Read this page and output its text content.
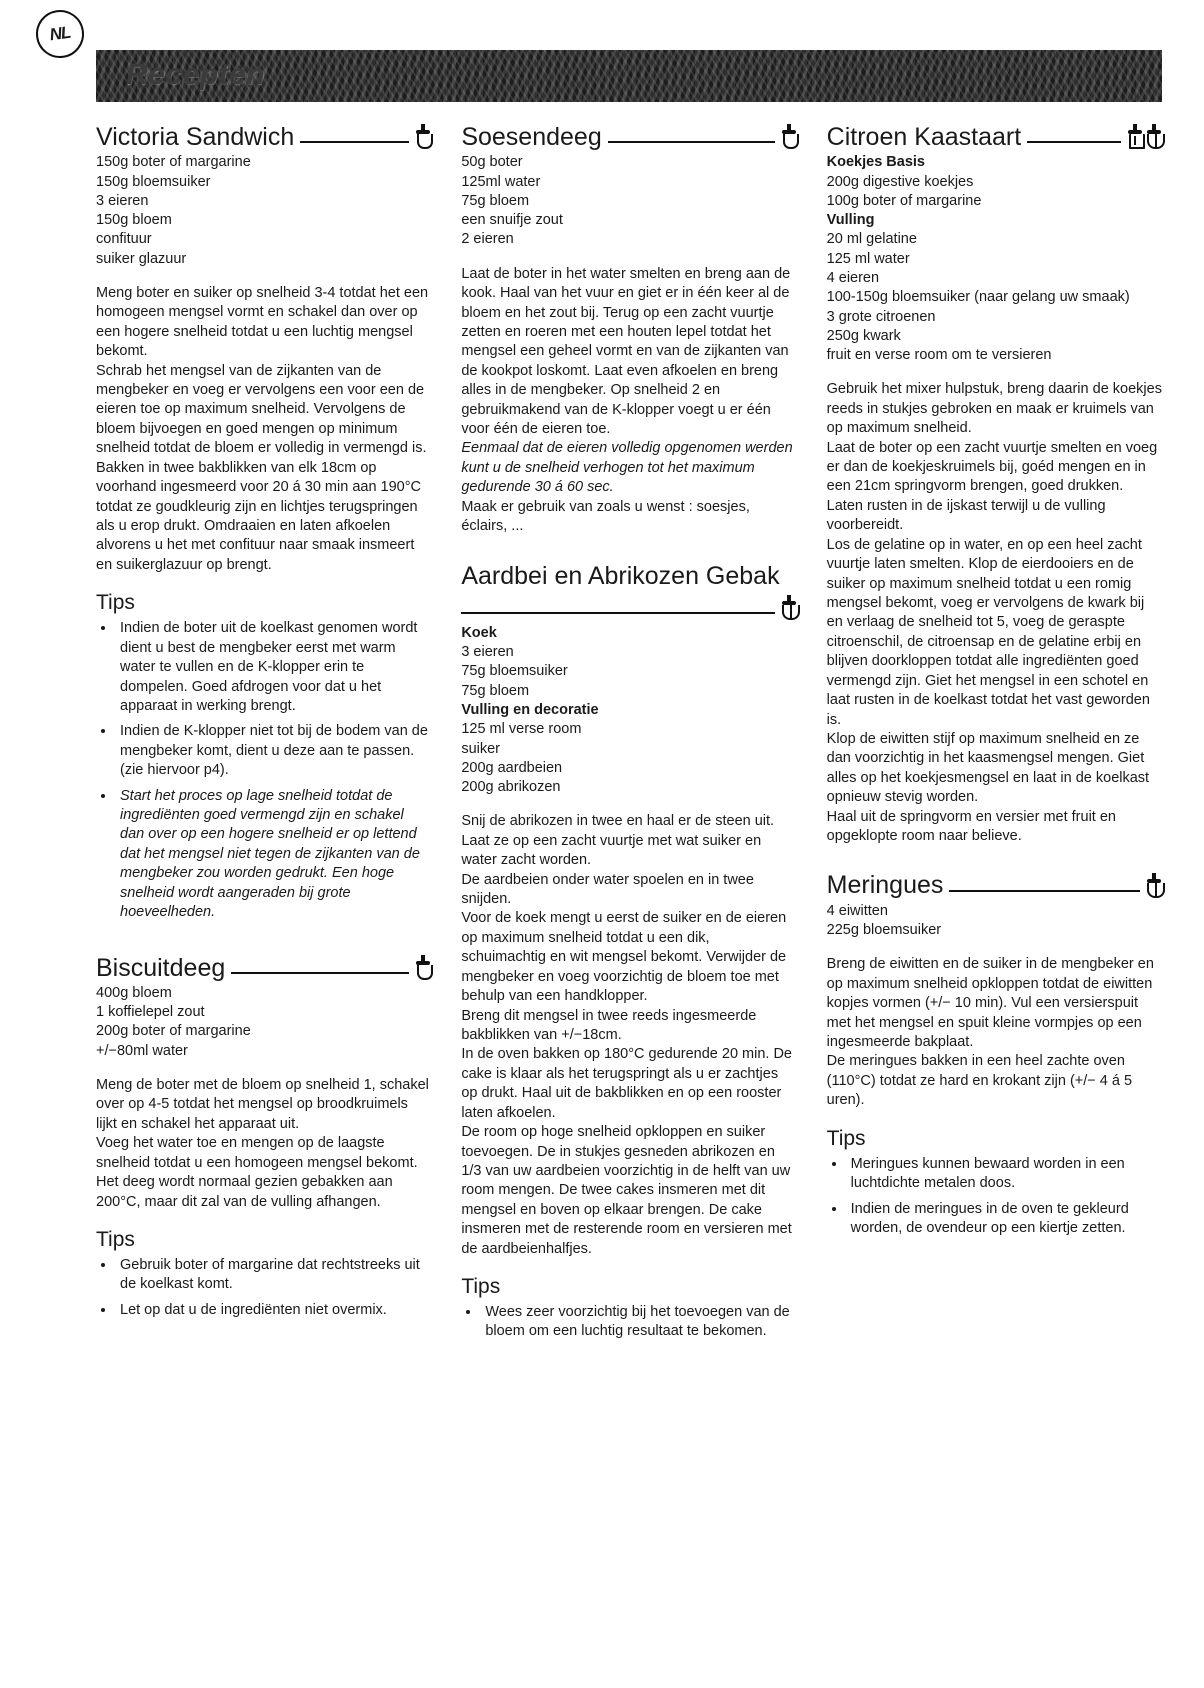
NL
Recepten
Victoria Sandwich
150g boter of margarine
150g bloemsuiker
3 eieren
150g bloem
confituur
suiker glazuur

Meng boter en suiker op snelheid 3-4 totdat het een homogeen mengsel vormt en schakel dan over op een hogere snelheid totdat u een luchtig mengsel bekomt.

Schrab het mengsel van de zijkanten van de mengbeker en voeg er vervolgens een voor een de eieren toe op maximum snelheid. Vervolgens de bloem bijvoegen en goed mengen op minimum snelheid totdat de bloem er volledig in vermengd is.

Bakken in twee bakblikken van elk 18cm op voorhand ingesmeerd voor 20 á 30 min aan 190°C totdat ze goudkleurig zijn en lichtjes terugspringen als u erop drukt. Omdraaien en laten afkoelen alvorens u het met confituur naar smaak insmeert en suikerglazuur op brengt.

Tips
• Indien de boter uit de koelkast genomen wordt dient u best de mengbeker eerst met warm water te vullen en de K-klopper erin te dompelen. Goed afdrogen voor dat u het apparaat in werking brengt.
• Indien de K-klopper niet tot bij de bodem van de mengbeker komt, dient u deze aan te passen. (zie hiervoor p4).
• Start het proces op lage snelheid totdat de ingrediënten goed vermengd zijn en schakel dan over op een hogere snelheid er op lettend dat het mengsel niet tegen de zijkanten van de mengbeker zou worden gedrukt. Een hoge snelheid wordt aangeraden bij grote hoeveelheden.
Biscuitdeeg
400g bloem
1 koffielepel zout
200g boter of margarine
+/−80ml water

Meng de boter met de bloem op snelheid 1, schakel over op 4-5 totdat het mengsel op broodkruimels lijkt en schakel het apparaat uit.

Voeg het water toe en mengen op de laagste snelheid totdat u een homogeen mengsel bekomt. Het deeg wordt normaal gezien gebakken aan 200°C, maar dit zal van de vulling afhangen.

Tips
• Gebruik boter of margarine dat rechtstreeks uit de koelkast komt.
• Let op dat u de ingrediënten niet overmix.
Soesendeeg
50g boter
125ml water
75g bloem
een snuifje zout
2 eieren

Laat de boter in het water smelten en breng aan de kook. Haal van het vuur en giet er in één keer al de bloem en het zout bij. Terug op een zacht vuurtje zetten en roeren met een houten lepel totdat het mengsel een geheel vormt en van de zijkanten van de kookpot loskomt. Laat even afkoelen en breng alles in de mengbeker. Op snelheid 2 en gebruikmakend van de K-klopper voegt u er één voor één de eieren toe.

Eenmaal dat de eieren volledig opgenomen werden kunt u de snelheid verhogen tot het maximum gedurende 30 á 60 sec.

Maak er gebruik van zoals u wenst : soesjes, éclairs, ...

Aardbei en Abrikozen Gebak
Koek
3 eieren
75g bloemsuiker
75g bloem
Vulling en decoratie
125 ml verse room
suiker
200g aardbeien
200g abrikozen

Snij de abrikozen in twee en haal er de steen uit. Laat ze op een zacht vuurtje met wat suiker en water zacht worden.

De aardbeien onder water spoelen en in twee snijden.

Voor de koek mengt u eerst de suiker en de eieren op maximum snelheid totdat u een dik, schuimachtig en wit mengsel bekomt. Verwijder de mengbeker en voeg voorzichtig de bloem toe met behulp van een handklopper.

Breng dit mengsel in twee reeds ingesmeerde bakblikken van +/−18cm.

In de oven bakken op 180°C gedurende 20 min. De cake is klaar als het terugspringt als u er zachtjes op drukt. Haal uit de bakblikken en op een rooster laten afkoelen.

De room op hoge snelheid opkloppen en suiker toevoegen. De in stukjes gesneden abrikozen en 1/3 van uw aardbeien voorzichtig in de helft van uw room mengen. De twee cakes insmeren met dit mengsel en boven op elkaar brengen. De cake insmeren met de resterende room en versieren met de aardbeienhalfjes.

Tips
• Wees zeer voorzichtig bij het toevoegen van de bloem om een luchtig resultaat te bekomen.
Citroen Kaastaart
Koekjes Basis
200g digestive koekjes
100g boter of margarine
Vulling
20 ml gelatine
125 ml water
4 eieren
100-150g bloemsuiker (naar gelang uw smaak)
3 grote citroenen
250g kwark
fruit en verse room om te versieren

Gebruik het mixer hulpstuk, breng daarin de koekjes reeds in stukjes gebroken en maak er kruimels van op maximum snelheid.

Laat de boter op een zacht vuurtje smelten en voeg er dan de koekjeskruimels bij, goéd mengen en in een 21cm springvorm brengen, goed drukken. Laten rusten in de ijskast terwijl u de vulling voorbereidt.

Los de gelatine op in water, en op een heel zacht vuurtje laten smelten. Klop de eierdooiers en de suiker op maximum snelheid totdat u een romig mengsel bekomt, voeg er vervolgens de kwark bij en verlaag de snelheid tot 5, voeg de geraspte citroenschil, de citroensap en de gelatine erbij en blijven doorkloppen totdat alle ingrediënten goed vermengd zijn. Giet het mengsel in een schotel en laat rusten in de koelkast totdat het vast geworden is.

Klop de eiwitten stijf op maximum snelheid en ze dan voorzichtig in het kaasmengsel mengen. Giet alles op het koekjesmengsel en laat in de koelkast opnieuw stevig worden.

Haal uit de springvorm en versier met fruit en opgeklopte room naar believe.

Meringues
4 eiwitten
225g bloemsuiker

Breng de eiwitten en de suiker in de mengbeker en op maximum snelheid opkloppen totdat de eiwitten kopjes vormen (+/− 10 min). Vul een versierspuit met het mengsel en spuit kleine vormpjes op een ingesmeerde bakplaat.

De meringues bakken in een heel zachte oven (110°C) totdat ze hard en krokant zijn (+/− 4 á 5 uren).

Tips
• Meringues kunnen bewaard worden in een luchtdichte metalen doos.
• Indien de meringues in de oven te gekleurd worden, de ovendeur op een kiertje zetten.
